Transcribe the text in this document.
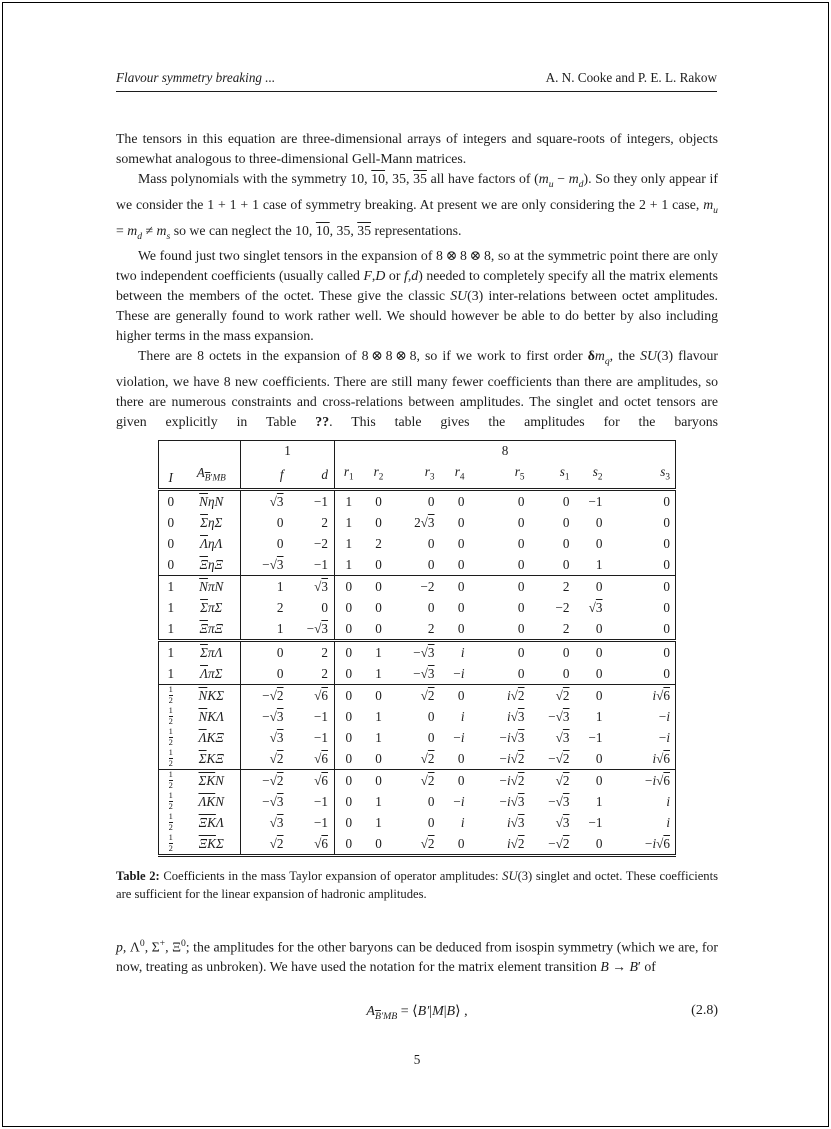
Flavour symmetry breaking ...	A. N. Cooke and P. E. L. Rakow

The tensors in this equation are three-dimensional arrays of integers and square-roots of integers, objects somewhat analogous to three-dimensional Gell-Mann matrices.

Mass polynomials with the symmetry 10, 10, 35, 35 all have factors of $(m_u - m_d)$. So they only appear if we consider the 1 + 1 + 1 case of symmetry breaking. At present we are only considering the 2 + 1 case, $m_u = m_d \ne m_s$ so we can neglect the 10, 10, 35, 35 representations.

We found just two singlet tensors in the expansion of 8 ⊗ 8 ⊗ 8, so at the symmetric point there are only two independent coefficients (usually called F,D or f,d) needed to completely specify all the matrix elements between the members of the octet. These give the classic SU(3) inter-relations between octet amplitudes. These are generally found to work rather well. We should however be able to do better by also including higher terms in the mass expansion.

There are 8 octets in the expansion of 8 ⊗ 8 ⊗ 8, so if we work to first order $\delta m_q$, the SU(3) flavour violation, we have 8 new coefficients. There are still many fewer coefficients than there are amplitudes, so there are numerous constraints and cross-relations between amplitudes. The singlet and octet tensors are given explicitly in Table ??. This table gives the amplitudes for the baryons

I	$A_{\overline{B}'MB}$	1		8							
		f	d	$r_1$	$r_2$	$r_3$	$r_4$	$r_5$	$s_1$	$s_2$	$s_3$
0	$\overline{N}\eta N$	√3	−1	1	0	0	0	0	0	−1	0
0	$\overline{\Sigma}\eta\Sigma$	0	2	1	0	2√3	0	0	0	0	0
0	$\overline{\Lambda}\eta\Lambda$	0	−2	1	2	0	0	0	0	0	0
0	$\overline{\Xi}\eta\Xi$	−√3	−1	1	0	0	0	0	0	1	0
1	$\overline{N}\pi N$	1	√3	0	0	−2	0	0	2	0	0
1	$\overline{\Sigma}\pi\Sigma$	2	0	0	0	0	0	0	−2	√3	0
1	$\overline{\Xi}\pi\Xi$	1	−√3	0	0	2	0	0	2	0	0
1	$\overline{\Sigma}\pi\Lambda$	0	2	0	1	−√3	i	0	0	0	0
1	$\overline{\Lambda}\pi\Sigma$	0	2	0	1	−√3	−i	0	0	0	0

$\frac{1}{2}$	$\overline{N}K\Sigma$	−√2	√6	0	0	√2	0	i√2	√2	0	i√6

$\frac{1}{2}$	$\overline{N}K\Lambda$	−√3	−1	0	1	0	i	i√3	−√3	1	−i

$\frac{1}{2}$	$\overline{\Lambda}K\Xi$	√3	−1	0	1	0	−i	−i√3	√3	−1	−i

$\frac{1}{2}$	$\overline{\Sigma}K\Xi$	√2	√6	0	0	√2	0	−i√2	−√2	0	i√6

$\frac{1}{2}$	$\overline{\Sigma K}N$	−√2	√6	0	0	√2	0	−i√2	√2	0	−i√6

$\frac{1}{2}$	$\overline{\Lambda K}N$	−√3	−1	0	1	0	−i	−i√3	−√3	1	i

$\frac{1}{2}$	$\overline{\Xi K}\Lambda$	√3	−1	0	1	0	i	i√3	√3	−1	i

$\frac{1}{2}$	$\overline{\Xi K}\Sigma$	√2	√6	0	0	√2	0	i√2	−√2	0	−i√6

Table 2: Coefficients in the mass Taylor expansion of operator amplitudes: SU(3) singlet and octet. These coefficients are sufficient for the linear expansion of hadronic amplitudes.

p, $\Lambda^0$, Σ+, $\Xi^0$; the amplitudes for the other baryons can be deduced from isospin symmetry (which we are, for now, treating as unbroken). We have used the notation for the matrix element transition B → B′ of

$A_{\overline{B}'MB}$ = ⟨B′|M|B⟩ ,	(2.8)
5
